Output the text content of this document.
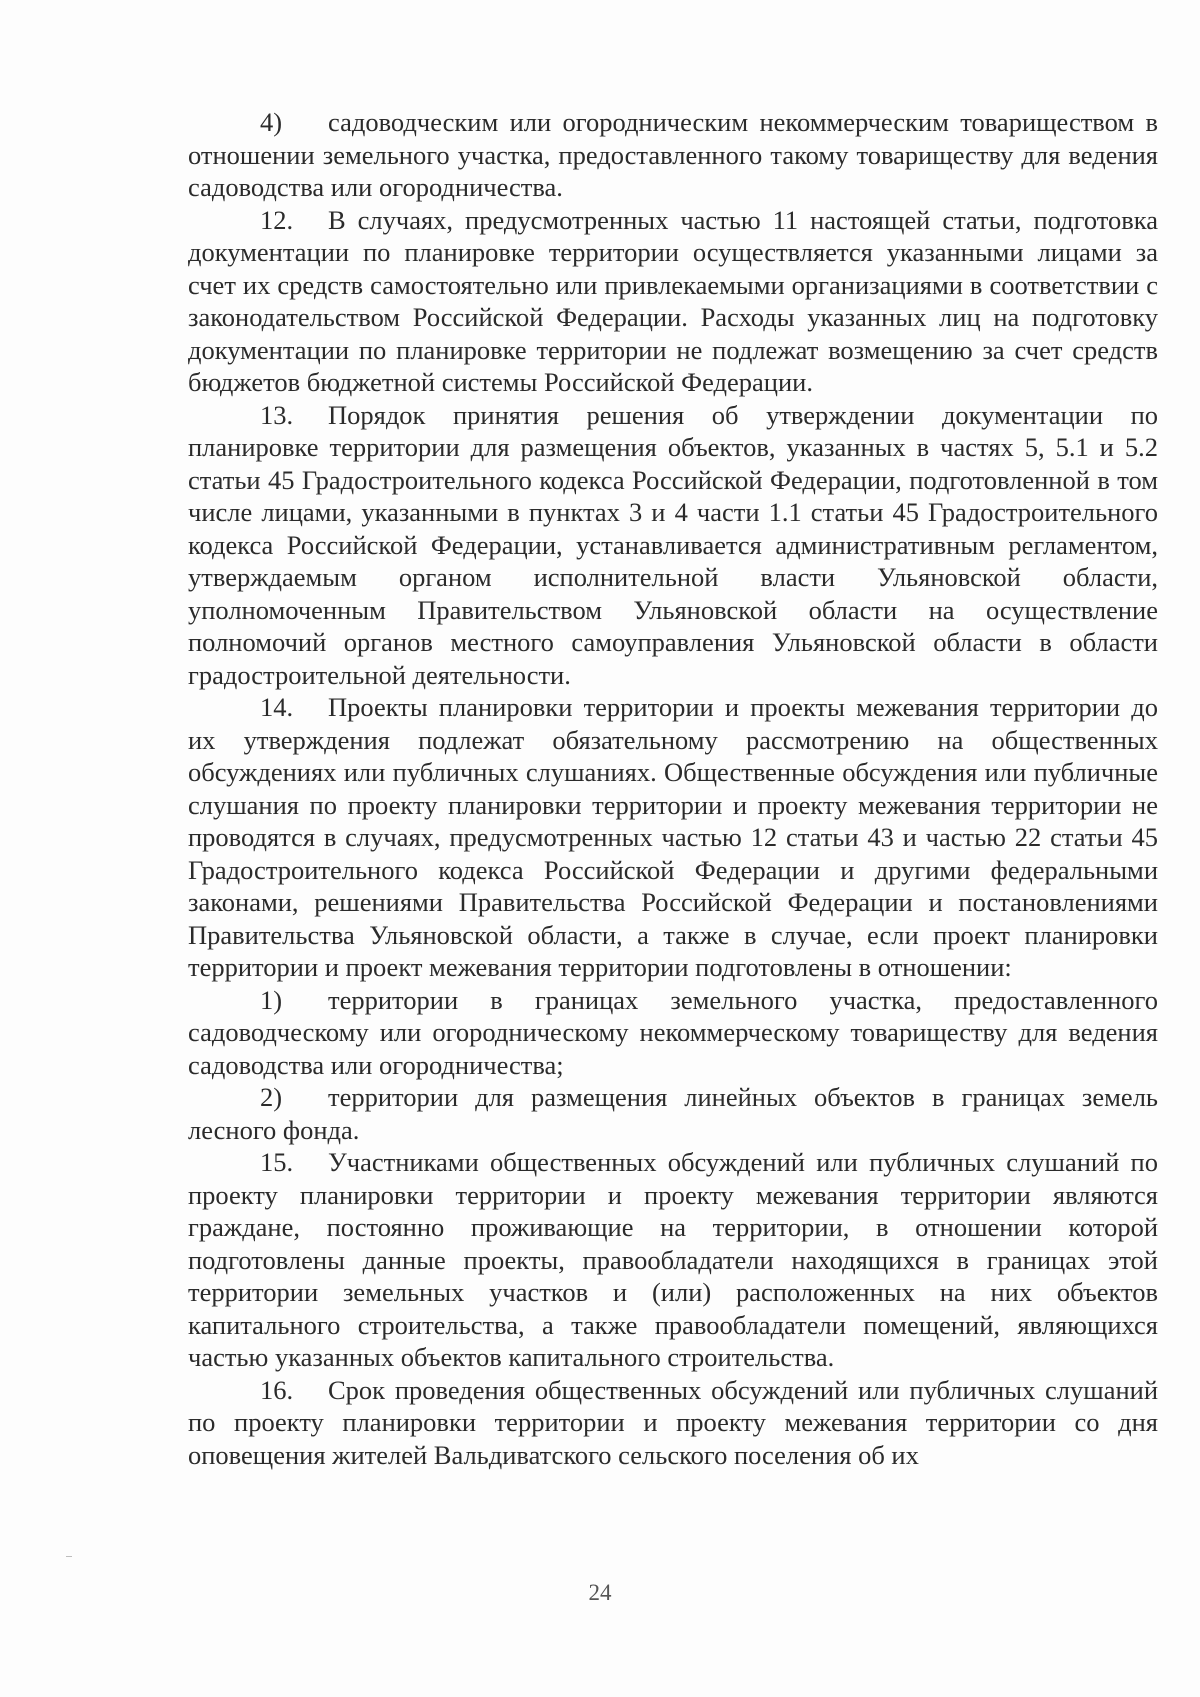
4) садоводческим или огородническим некоммерческим товариществом в отношении земельного участка, предоставленного такому товариществу для ведения садоводства или огородничества.

12. В случаях, предусмотренных частью 11 настоящей статьи, подготовка документации по планировке территории осуществляется указанными лицами за счет их средств самостоятельно или привлекаемыми организациями в соответствии с законодательством Российской Федерации. Расходы указанных лиц на подготовку документации по планировке территории не подлежат возмещению за счет средств бюджетов бюджетной системы Российской Федерации.

13. Порядок принятия решения об утверждении документации по планировке территории для размещения объектов, указанных в частях 5, 5.1 и 5.2 статьи 45 Градостроительного кодекса Российской Федерации, подготовленной в том числе лицами, указанными в пунктах 3 и 4 части 1.1 статьи 45 Градостроительного кодекса Российской Федерации, устанавливается административным регламентом, утверждаемым органом исполнительной власти Ульяновской области, уполномоченным Правительством Ульяновской области на осуществление полномочий органов местного самоуправления Ульяновской области в области градостроительной деятельности.

14. Проекты планировки территории и проекты межевания территории до их утверждения подлежат обязательному рассмотрению на общественных обсуждениях или публичных слушаниях. Общественные обсуждения или публичные слушания по проекту планировки территории и проекту межевания территории не проводятся в случаях, предусмотренных частью 12 статьи 43 и частью 22 статьи 45 Градостроительного кодекса Российской Федерации и другими федеральными законами, решениями Правительства Российской Федерации и постановлениями Правительства Ульяновской области, а также в случае, если проект планировки территории и проект межевания территории подготовлены в отношении:

1) территории в границах земельного участка, предоставленного садоводческому или огородническому некоммерческому товариществу для ведения садоводства или огородничества;

2) территории для размещения линейных объектов в границах земель лесного фонда.

15. Участниками общественных обсуждений или публичных слушаний по проекту планировки территории и проекту межевания территории являются граждане, постоянно проживающие на территории, в отношении которой подготовлены данные проекты, правообладатели находящихся в границах этой территории земельных участков и (или) расположенных на них объектов капитального строительства, а также правообладатели помещений, являющихся частью указанных объектов капитального строительства.

16. Срок проведения общественных обсуждений или публичных слушаний по проекту планировки территории и проекту межевания территории со дня оповещения жителей Вальдиватского сельского поселения об их

24
